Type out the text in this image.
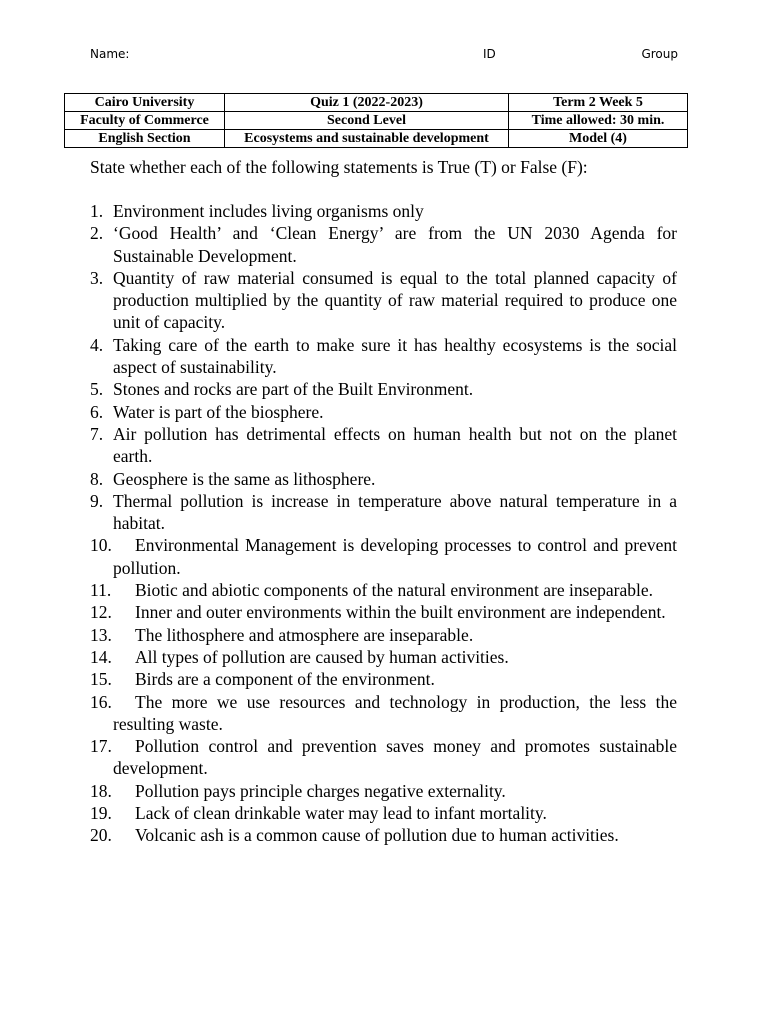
Name:	ID	Group
Cairo University	Quiz 1 (2022-2023)	Term 2 Week 5
Faculty of Commerce	Second Level	Time allowed: 30 min.
English Section	Ecosystems and sustainable development	Model (4)
State whether each of the following statements is True (T) or False (F):
1. Environment includes living organisms only
2. ‘Good Health’ and ‘Clean Energy’ are from the UN 2030 Agenda for Sustainable Development.
3. Quantity of raw material consumed is equal to the total planned capacity of production multiplied by the quantity of raw material required to produce one unit of capacity.
4. Taking care of the earth to make sure it has healthy ecosystems is the social aspect of sustainability.
5. Stones and rocks are part of the Built Environment.
6. Water is part of the biosphere.
7. Air pollution has detrimental effects on human health but not on the planet earth.
8. Geosphere is the same as lithosphere.
9. Thermal pollution is increase in temperature above natural temperature in a habitat.
10. Environmental Management is developing processes to control and prevent pollution.
11. Biotic and abiotic components of the natural environment are inseparable.
12. Inner and outer environments within the built environment are independent.
13. The lithosphere and atmosphere are inseparable.
14. All types of pollution are caused by human activities.
15. Birds are a component of the environment.
16. The more we use resources and technology in production, the less the resulting waste.
17. Pollution control and prevention saves money and promotes sustainable development.
18. Pollution pays principle charges negative externality.
19. Lack of clean drinkable water may lead to infant mortality.
20. Volcanic ash is a common cause of pollution due to human activities.
